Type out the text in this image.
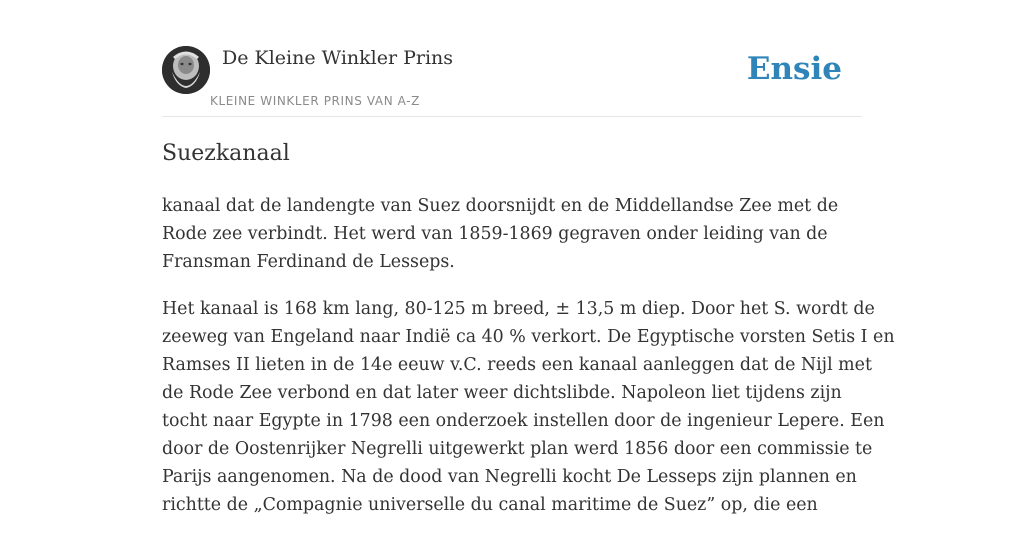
De Kleine Winkler Prins
KLEINE WINKLER PRINS VAN A-Z
Ensie
Suezkanaal

kanaal dat de landengte van Suez doorsnijdt en de Middellandse Zee met de
Rode zee verbindt. Het werd van 1859-1869 gegraven onder leiding van de
Fransman Ferdinand de Lesseps.

Het kanaal is 168 km lang, 80-125 m breed, ± 13,5 m diep. Door het S. wordt de
zeeweg van Engeland naar Indië ca 40 % verkort. De Egyptische vorsten Setis I en
Ramses II lieten in de 14e eeuw v.C. reeds een kanaal aanleggen dat de Nijl met
de Rode Zee verbond en dat later weer dichtslibde. Napoleon liet tijdens zijn
tocht naar Egypte in 1798 een onderzoek instellen door de ingenieur Lepere. Een
door de Oostenrijker Negrelli uitgewerkt plan werd 1856 door een commissie te
Parijs aangenomen. Na de dood van Negrelli kocht De Lesseps zijn plannen en
richtte de „Compagnie universelle du canal maritime de Suez” op, die een
